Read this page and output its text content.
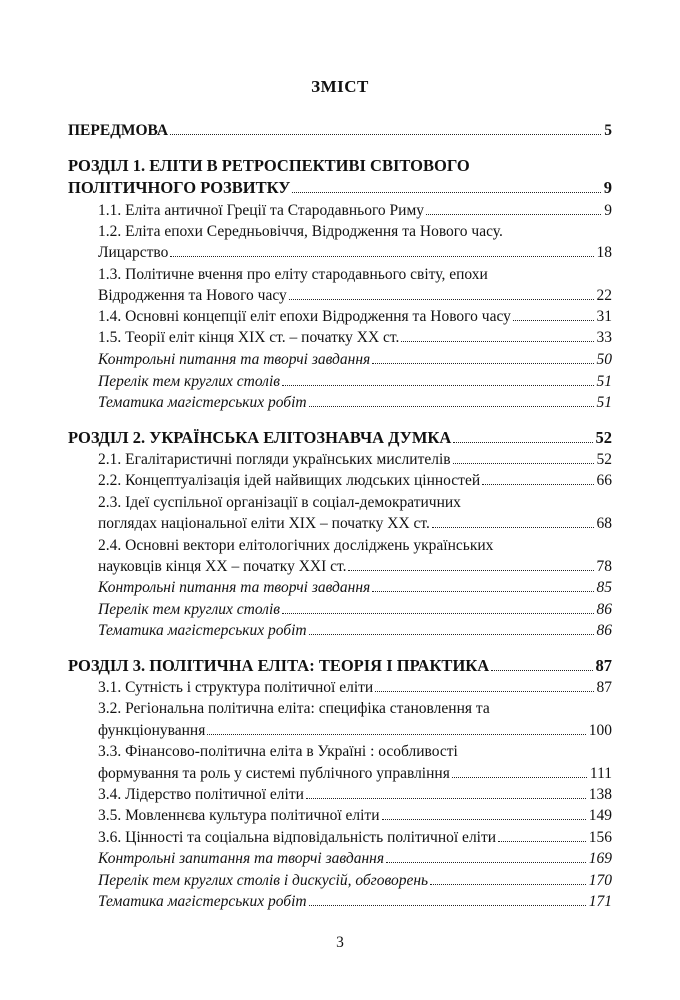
ЗМІСТ
ПЕРЕДМОВА	5
РОЗДІЛ 1. ЕЛІТИ В РЕТРОСПЕКТИВІ СВІТОВОГО
ПОЛІТИЧНОГО РОЗВИТКУ	9
1.1. Еліта античної Греції та Стародавнього Риму	9
1.2. Еліта епохи Середньовіччя, Відродження та Нового часу.
Лицарство	18
1.3. Політичне вчення про еліту стародавнього світу, епохи
Відродження та Нового часу	22
1.4. Основні концепції еліт епохи Відродження та Нового часу	31
1.5. Теорії еліт кінця XIX ст. – початку XX ст.	33
Контрольні питання та творчі завдання	50
Перелік тем круглих столів	51
Тематика магістерських робіт	51
РОЗДІЛ 2. УКРАЇНСЬКА ЕЛІТОЗНАВЧА ДУМКА	52
2.1. Егалітаристичні погляди українських мислителів	52
2.2. Концептуалізація ідей найвищих людських цінностей	66
2.3. Ідеї суспільної організації в соціал-демократичних
поглядах національної еліти XIX – початку XX ст.	68
2.4. Основні вектори елітологічних досліджень українських
науковців кінця XX – початку XXI ст.	78
Контрольні питання та творчі завдання	85
Перелік тем круглих столів	86
Тематика магістерських робіт	86
РОЗДІЛ 3. ПОЛІТИЧНА ЕЛІТА: ТЕОРІЯ І ПРАКТИКА	87
3.1. Сутність і структура політичної еліти	87
3.2. Регіональна політична еліта: специфіка становлення та
функціонування	100
3.3. Фінансово-політична еліта в Україні : особливості
формування та роль у системі публічного управління	111
3.4. Лідерство політичної еліти	138
3.5. Мовленнєва культура політичної еліти	149
3.6. Цінності та соціальна відповідальність політичної еліти	156
Контрольні запитання та творчі завдання	169
Перелік тем круглих столів і дискусій, обговорень	170
Тематика магістерських робіт	171
3
